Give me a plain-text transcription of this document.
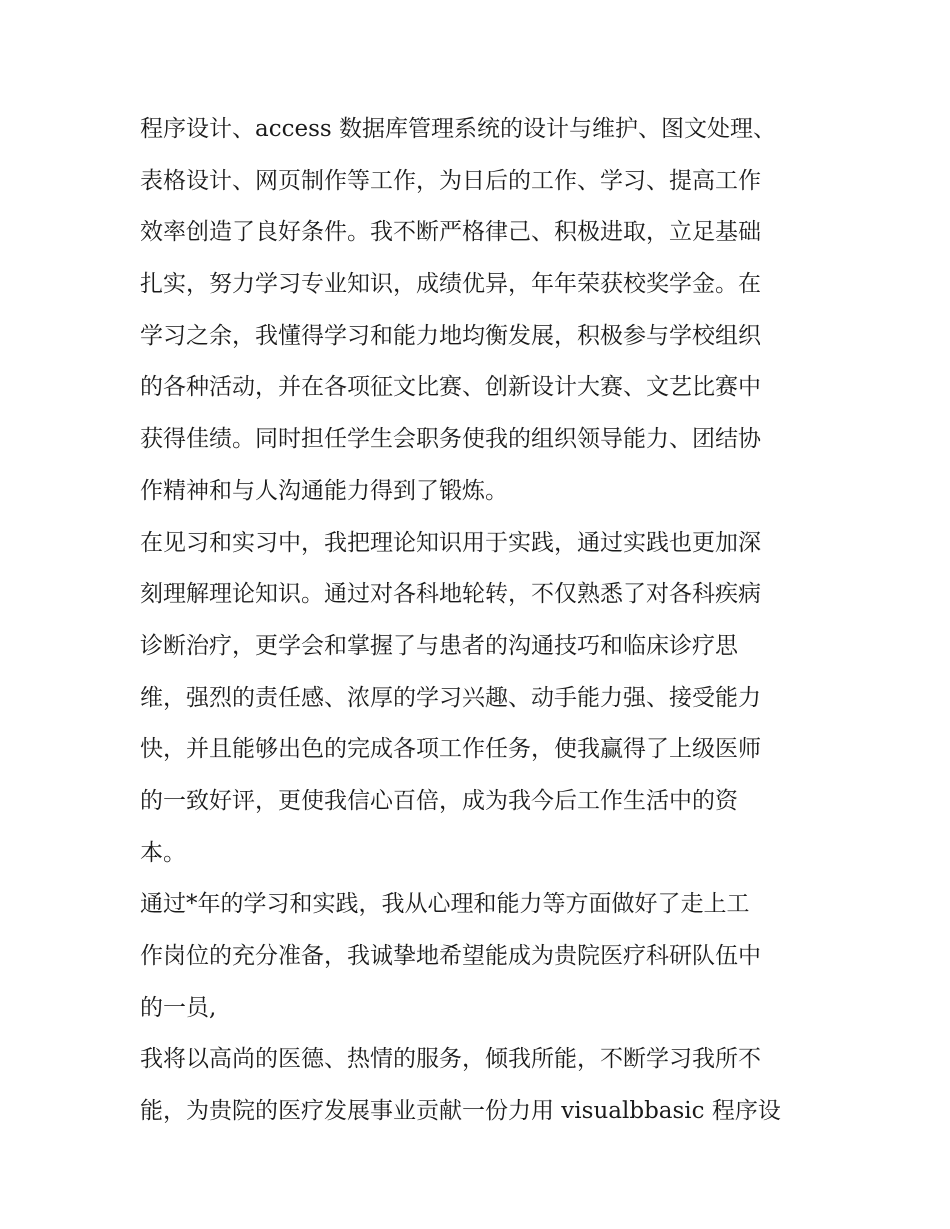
程序设计、access 数据库管理系统的设计与维护、图文处理、
表格设计、网页制作等工作，为日后的工作、学习、提高工作
效率创造了良好条件。我不断严格律己、积极进取，立足基础
扎实，努力学习专业知识，成绩优异，年年荣获校奖学金。在
学习之余，我懂得学习和能力地均衡发展，积极参与学校组织
的各种活动，并在各项征文比赛、创新设计大赛、文艺比赛中
获得佳绩。同时担任学生会职务使我的组织领导能力、团结协
作精神和与人沟通能力得到了锻炼。
在见习和实习中，我把理论知识用于实践，通过实践也更加深
刻理解理论知识。通过对各科地轮转，不仅熟悉了对各科疾病
诊断治疗，更学会和掌握了与患者的沟通技巧和临床诊疗思
维，强烈的责任感、浓厚的学习兴趣、动手能力强、接受能力
快，并且能够出色的完成各项工作任务，使我赢得了上级医师
的一致好评，更使我信心百倍，成为我今后工作生活中的资
本。
通过*年的学习和实践，我从心理和能力等方面做好了走上工
作岗位的充分准备，我诚挚地希望能成为贵院医疗科研队伍中
的一员,
我将以高尚的医德、热情的服务，倾我所能，不断学习我所不
能，为贵院的医疗发展事业贡献一份力用 visualbbasic 程序设
